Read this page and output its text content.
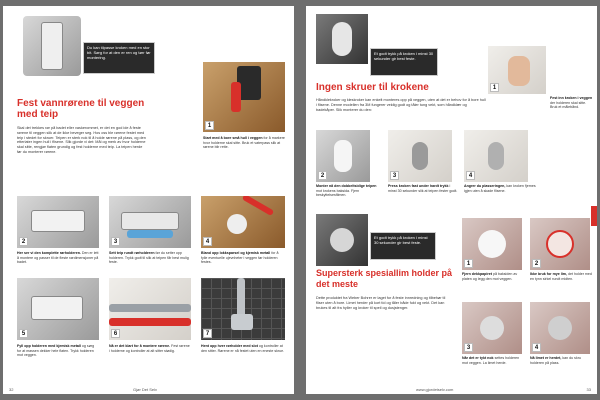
Du kan tilpasse kroken med en stor bit. Sørg for at den er ren og tørr før montering.
Fest vannrørene til veggen med teip
Skal det trekkes rør på badet eller vaskerommet, er det en god ide å feste rørene til veggen slik at de ikke beveger seg. Hos oss ble rørene festet med teip i stedet for skruer. Teipen er sterk nok til å holde rørene på plass, og den etterlater ingen hull i flisene. Slik gjorde vi det: Mål og merk av hvor holderne skal sitte, rengjør flaten grundig og fest holderne med teip. La teipen herde før du monterer rørene.
1
Start med å bore små hull i veggen for å markere hvor holderne skal sitte. Bruk et vaterpass slik at rørene blir rette.
2
Her ser vi den komplette rørholderen. Den er lett å montere og passer til de fleste rørdimensjoner på badet.
3
Sett teip rundt rørholderen før du setter opp holderen. Trykk godt til slik at teipen får best mulig feste.
4
Bland opp lokksparsel og kjemisk metall for å fylle eventuelle ujevnheter i veggen før holderen festes.
5
Fyll opp holderen med kjemisk metall og sørg for at massen dekker hele flaten. Trykk holderen mot veggen.
6
Nå er det klart for å montere rørene. Fest rørene i holderne og kontroller at alt sitter stødig.
7
Hent opp hver rørholder med slot og kontroller at den sitter. Rørene er nå festet uten en eneste skrue.
32	Gjør Det Selv
Et godt trykk på kroken i minst 30 sekunder gir best feste.
1
Fest inn kroken i veggen der holderen skal sitte. Bruk et målebånd.
Ingen skruer til krokene
Håndklekroker og kleskroker kan enkelt monteres opp på veggen, uten at det er behov for å bore hull i flisene. Denne modellen fra 3M fungerer veldig godt og tåler tung vekt, som håndklær og badekåper. Slik monterer du den:
2
Monter nå den dobbeltsidige teipen mot krokens baksida. Fjern beskyttelsesfilmen.
3
Press kroken fast under hardt trykk i minst 30 sekunder slik at teipen fester godt.
4
Angrer du plasseringen, kan kroken fjernes igjen uten å skade flisene.
Et godt trykk på kroken i minst 30 sekunder gir best feste.
Supersterk spesiallim holder på det meste
Dette produktet fra Weber Bohrer er laget for å feste innredning og tilbehør til fliser uten å bore. Limet herder på kort tid og tåler både fukt og vekt. Det kan brukes til alt fra hyller og kroker til speil og dusjstenger.
1
Fjern dekkpapiret på baksiden av platen og legg den mot veggen.
2
Ikke bruk for mye lim, det holder med en tynn sirkel rundt midten.
3
Når det er tykt nok settes holderen mot veggen. La limet herde.
4
Nå limet er herdet, kan du skru holderen på plass.
www.gjordetselv.com	33
